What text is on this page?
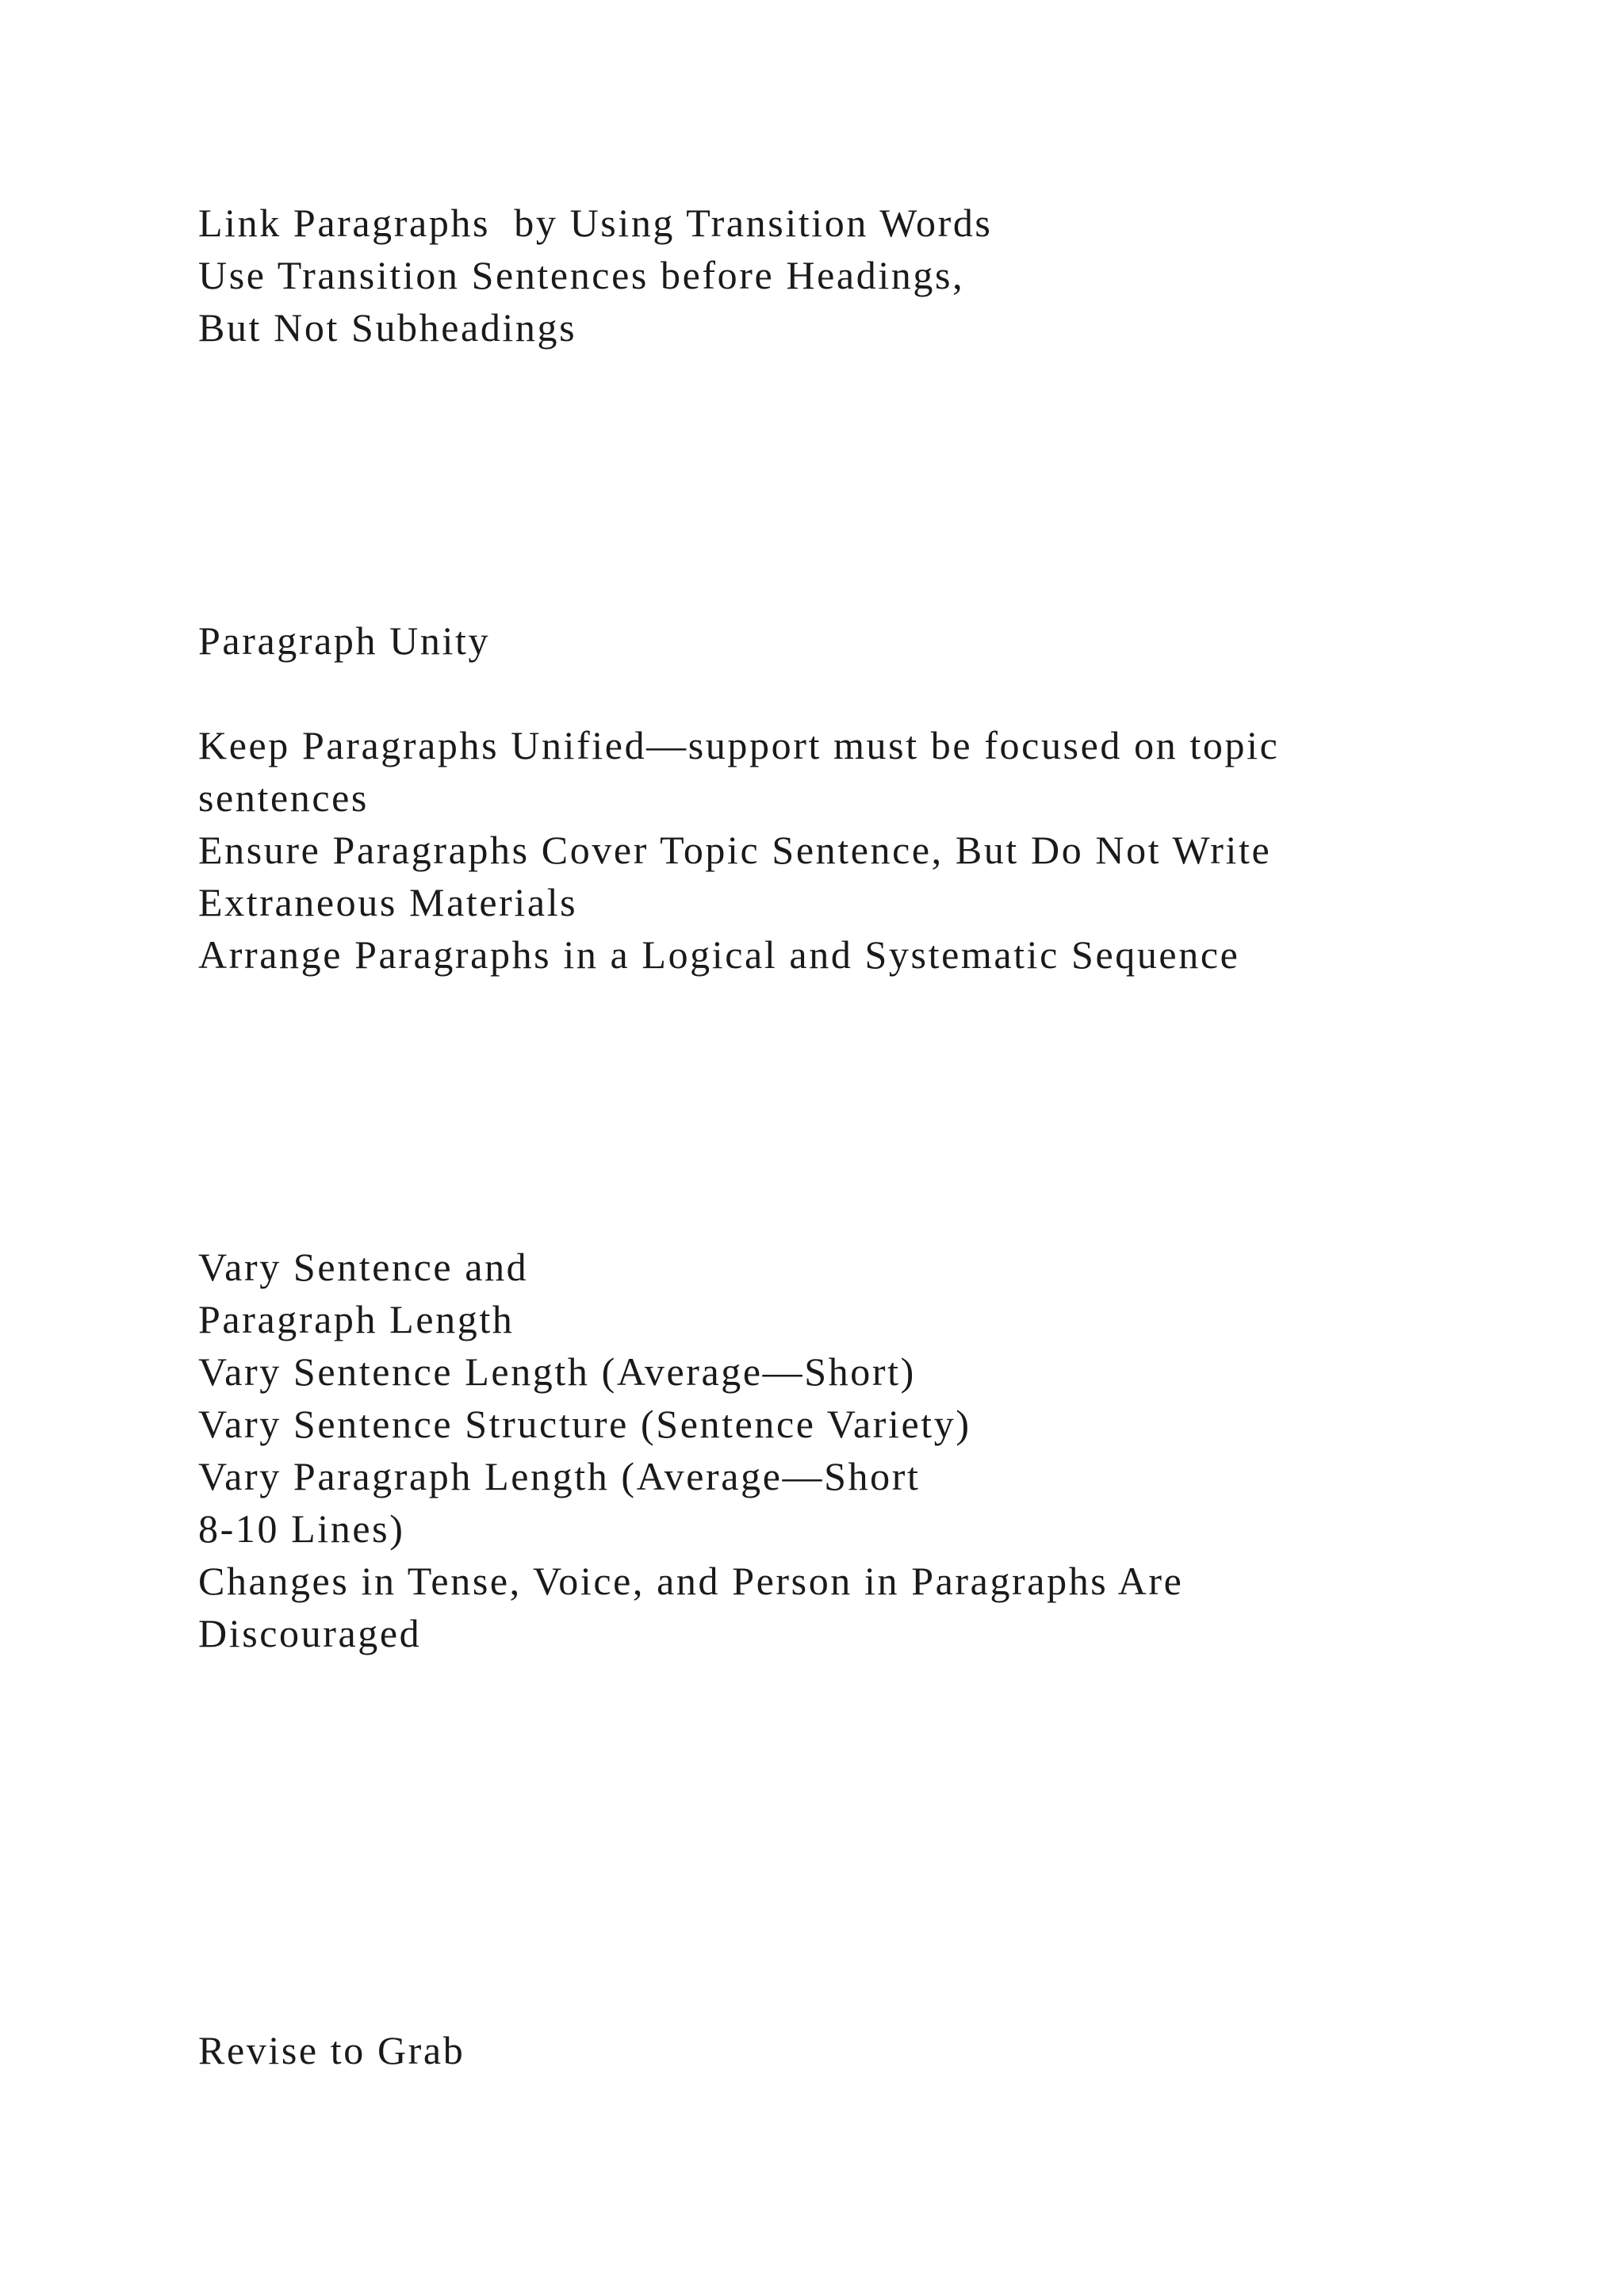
Link Paragraphs  by Using Transition Words
Use Transition Sentences before Headings,
But Not Subheadings
Paragraph Unity
Keep Paragraphs Unified—support must be focused on topic
sentences
Ensure Paragraphs Cover Topic Sentence, But Do Not Write
Extraneous Materials
Arrange Paragraphs in a Logical and Systematic Sequence
Vary Sentence and
Paragraph Length
Vary Sentence Length (Average—Short)
Vary Sentence Structure (Sentence Variety)
Vary Paragraph Length (Average—Short
8-10 Lines)
Changes in Tense, Voice, and Person in Paragraphs Are
Discouraged
Revise to Grab
